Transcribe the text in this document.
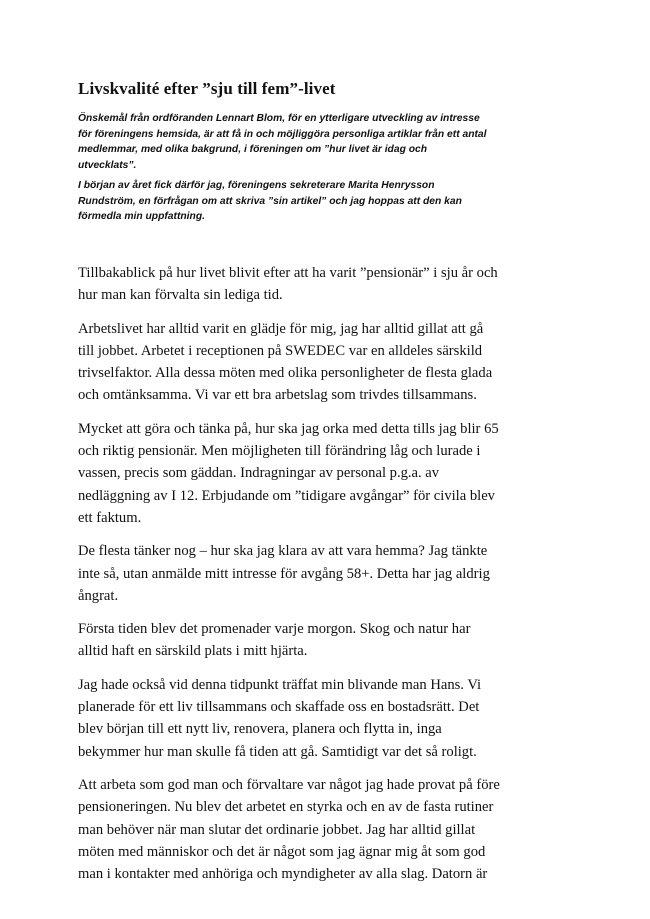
Livskvalité efter ”sju till fem”-livet

Önskemål från ordföranden Lennart Blom, för en ytterligare utveckling av intresse
för föreningens hemsida, är att få in och möjliggöra personliga artiklar från ett antal
medlemmar, med olika bakgrund, i föreningen om ”hur livet är idag och
utvecklats”.

I början av året fick därför jag, föreningens sekreterare Marita Henrysson
Rundström, en förfrågan om att skriva ”sin artikel” och jag hoppas att den kan
förmedla min uppfattning.

Tillbakablick på hur livet blivit efter att ha varit ”pensionär” i sju år och
hur man kan förvalta sin lediga tid.

Arbetslivet har alltid varit en glädje för mig, jag har alltid gillat att gå
till jobbet. Arbetet i receptionen på SWEDEC var en alldeles särskild
trivselfaktor. Alla dessa möten med olika personligheter de flesta glada
och omtänksamma. Vi var ett bra arbetslag som trivdes tillsammans.

Mycket att göra och tänka på, hur ska jag orka med detta tills jag blir 65
och riktig pensionär. Men möjligheten till förändring låg och lurade i
vassen, precis som gäddan. Indragningar av personal p.g.a. av
nedläggning av I 12. Erbjudande om ”tidigare avgångar” för civila blev
ett faktum.

De flesta tänker nog – hur ska jag klara av att vara hemma? Jag tänkte
inte så, utan anmälde mitt intresse för avgång 58+. Detta har jag aldrig
ångrat.

Första tiden blev det promenader varje morgon. Skog och natur har
alltid haft en särskild plats i mitt hjärta.

Jag hade också vid denna tidpunkt träffat min blivande man Hans. Vi
planerade för ett liv tillsammans och skaffade oss en bostadsrätt. Det
blev början till ett nytt liv, renovera, planera och flytta in, inga
bekymmer hur man skulle få tiden att gå. Samtidigt var det så roligt.

Att arbeta som god man och förvaltare var något jag hade provat på före
pensioneringen. Nu blev det arbetet en styrka och en av de fasta rutiner
man behöver när man slutar det ordinarie jobbet. Jag har alltid gillat
möten med människor och det är något som jag ägnar mig åt som god
man i kontakter med anhöriga och myndigheter av alla slag. Datorn är
